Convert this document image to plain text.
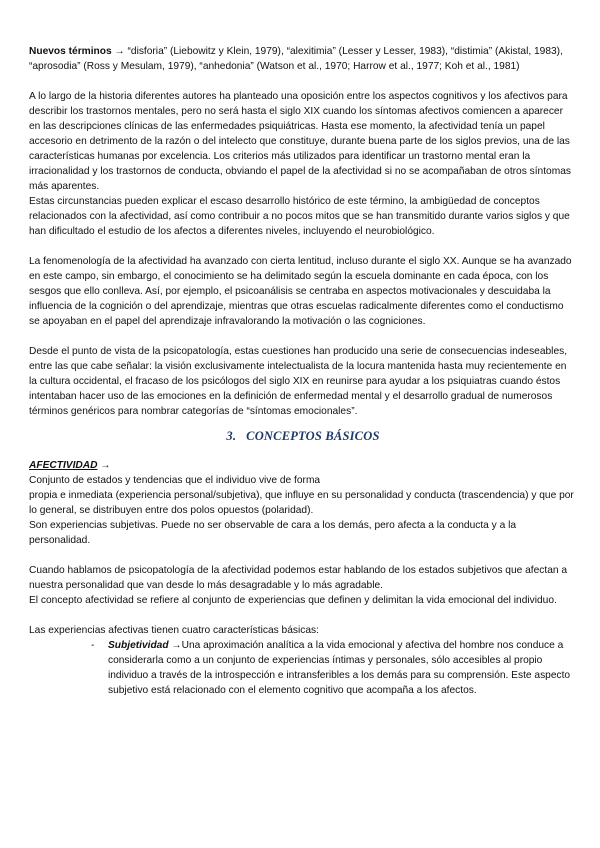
Nuevos términos → “disforia” (Liebowitz y Klein, 1979), “alexitimia” (Lesser y Lesser, 1983), “distimia” (Akistal, 1983), “aprosodia” (Ross y Mesulam, 1979), “anhedonia” (Watson et al., 1970; Harrow et al., 1977; Koh et al., 1981)

A lo largo de la historia diferentes autores ha planteado una oposición entre los aspectos cognitivos y los afectivos para describir los trastornos mentales, pero no será hasta el siglo XIX cuando los síntomas afectivos comiencen a aparecer en las descripciones clínicas de las enfermedades psiquiátricas. Hasta ese momento, la afectividad tenía un papel accesorio en detrimento de la razón o del intelecto que constituye, durante buena parte de los siglos previos, una de las características humanas por excelencia. Los criterios más utilizados para identificar un trastorno mental eran la irracionalidad y los trastornos de conducta, obviando el papel de la afectividad si no se acompañaban de otros síntomas más aparentes.

Estas circunstancias pueden explicar el escaso desarrollo histórico de este término, la ambigüedad de conceptos relacionados con la afectividad, así como contribuir a no pocos mitos que se han transmitido durante varios siglos y que han dificultado el estudio de los afectos a diferentes niveles, incluyendo el neurobiológico.

La fenomenología de la afectividad ha avanzado con cierta lentitud, incluso durante el siglo XX. Aunque se ha avanzado en este campo, sin embargo, el conocimiento se ha delimitado según la escuela dominante en cada época, con los sesgos que ello conlleva. Así, por ejemplo, el psicoanálisis se centraba en aspectos motivacionales y descuidaba la influencia de la cognición o del aprendizaje, mientras que otras escuelas radicalmente diferentes como el conductismo se apoyaban en el papel del aprendizaje infravalorando la motivación o las cogniciones.

Desde el punto de vista de la psicopatología, estas cuestiones han producido una serie de consecuencias indeseables, entre las que cabe señalar: la visión exclusivamente intelectualista de la locura mantenida hasta muy recientemente en la cultura occidental, el fracaso de los psicólogos del siglo XIX en reunirse para ayudar a los psiquiatras cuando éstos intentaban hacer uso de las emociones en la definición de enfermedad mental y el desarrollo gradual de numerosos términos genéricos para nombrar categorías de “síntomas emocionales”.

3. CONCEPTOS BÁSICOS

AFECTIVIDAD →

Conjunto de estados y tendencias que el individuo vive de forma

propia e inmediata (experiencia personal/subjetiva), que influye en su personalidad y conducta (trascendencia) y que por lo general, se distribuyen entre dos polos opuestos (polaridad).

Son experiencias subjetivas. Puede no ser observable de cara a los demás, pero afecta a la conducta y a la personalidad.

Cuando hablamos de psicopatología de la afectividad podemos estar hablando de los estados subjetivos que afectan a nuestra personalidad que van desde lo más desagradable y lo más agradable.

El concepto afectividad se refiere al conjunto de experiencias que definen y delimitan la vida emocional del individuo.

Las experiencias afectivas tienen cuatro características básicas:

-	Subjetividad →Una aproximación analítica a la vida emocional y afectiva del hombre nos conduce a considerarla como a un conjunto de experiencias íntimas y personales, sólo accesibles al propio individuo a través de la introspección e intransferibles a los demás para su comprensión. Este aspecto subjetivo está relacionado con el elemento cognitivo que acompaña a los afectos.
